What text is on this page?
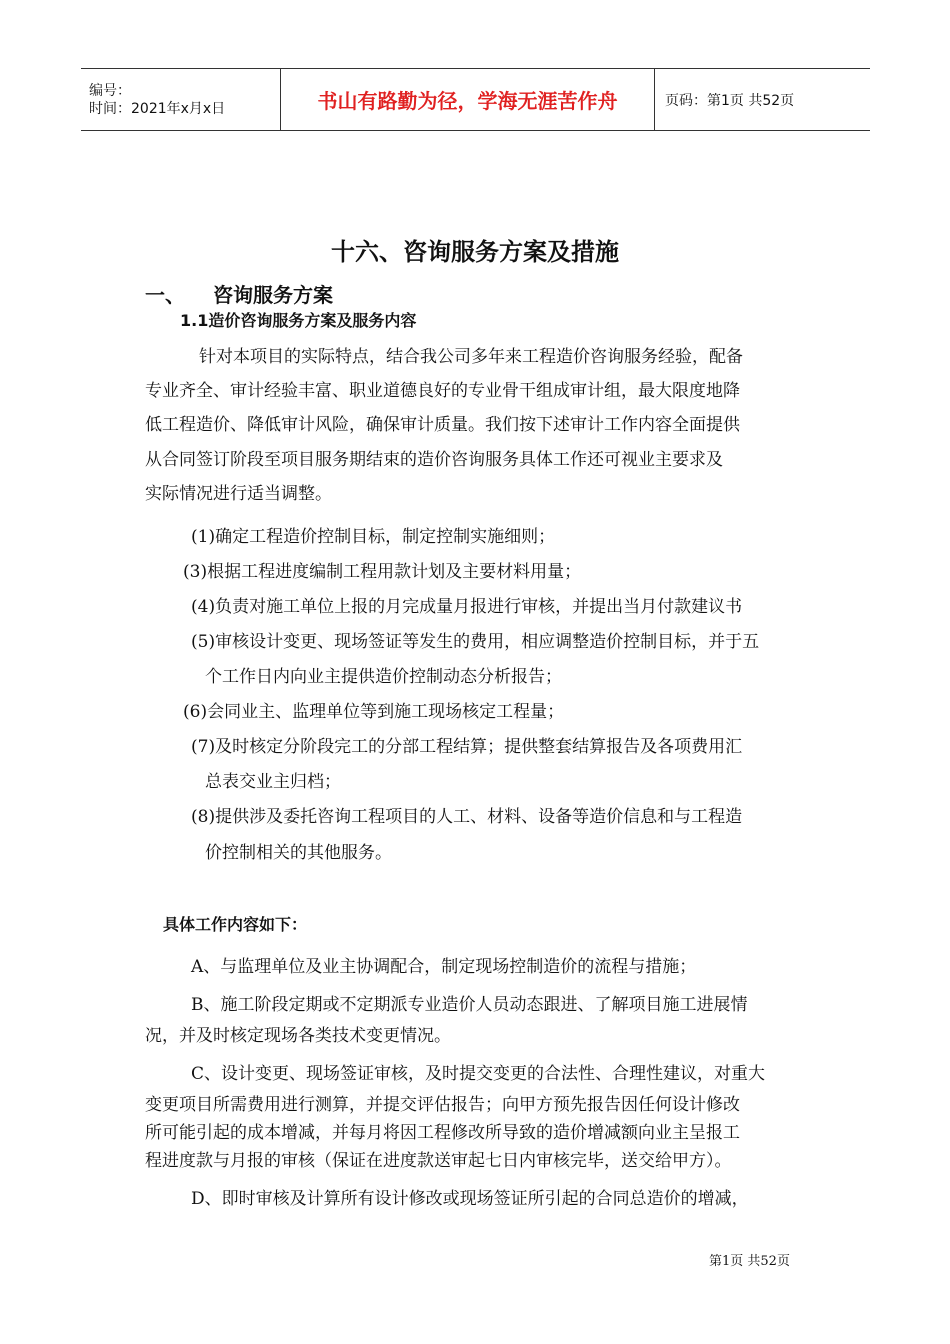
编号：
时间：2021年x月x日	书山有路勤为径，学海无涯苦作舟	页码：第1页 共52页
十六、咨询服务方案及措施
一、 咨询服务方案
1.1造价咨询服务方案及服务内容
针对本项目的实际特点，结合我公司多年来工程造价咨询服务经验，配备
专业齐全、审计经验丰富、职业道德良好的专业骨干组成审计组，最大限度地降
低工程造价、降低审计风险，确保审计质量。我们按下述审计工作内容全面提供
从合同签订阶段至项目服务期结束的造价咨询服务具体工作还可视业主要求及
实际情况进行适当调整。
(1)确定工程造价控制目标，制定控制实施细则；
(3)根据工程进度编制工程用款计划及主要材料用量；
(4)负责对施工单位上报的月完成量月报进行审核，并提出当月付款建议书
(5)审核设计变更、现场签证等发生的费用，相应调整造价控制目标，并于五
个工作日内向业主提供造价控制动态分析报告；
(6)会同业主、监理单位等到施工现场核定工程量；
(7)及时核定分阶段完工的分部工程结算；提供整套结算报告及各项费用汇
总表交业主归档；
(8)提供涉及委托咨询工程项目的人工、材料、设备等造价信息和与工程造
价控制相关的其他服务。
具体工作内容如下：
A、与监理单位及业主协调配合，制定现场控制造价的流程与措施；
B、施工阶段定期或不定期派专业造价人员动态跟进、了解项目施工进展情
况，并及时核定现场各类技术变更情况。
C、设计变更、现场签证审核，及时提交变更的合法性、合理性建议，对重大
变更项目所需费用进行测算，并提交评估报告；向甲方预先报告因任何设计修改
所可能引起的成本增减，并每月将因工程修改所导致的造价增减额向业主呈报工
程进度款与月报的审核（保证在进度款送审起七日内审核完毕，送交给甲方）。
D、即时审核及计算所有设计修改或现场签证所引起的合同总造价的增减，
第1页 共52页
